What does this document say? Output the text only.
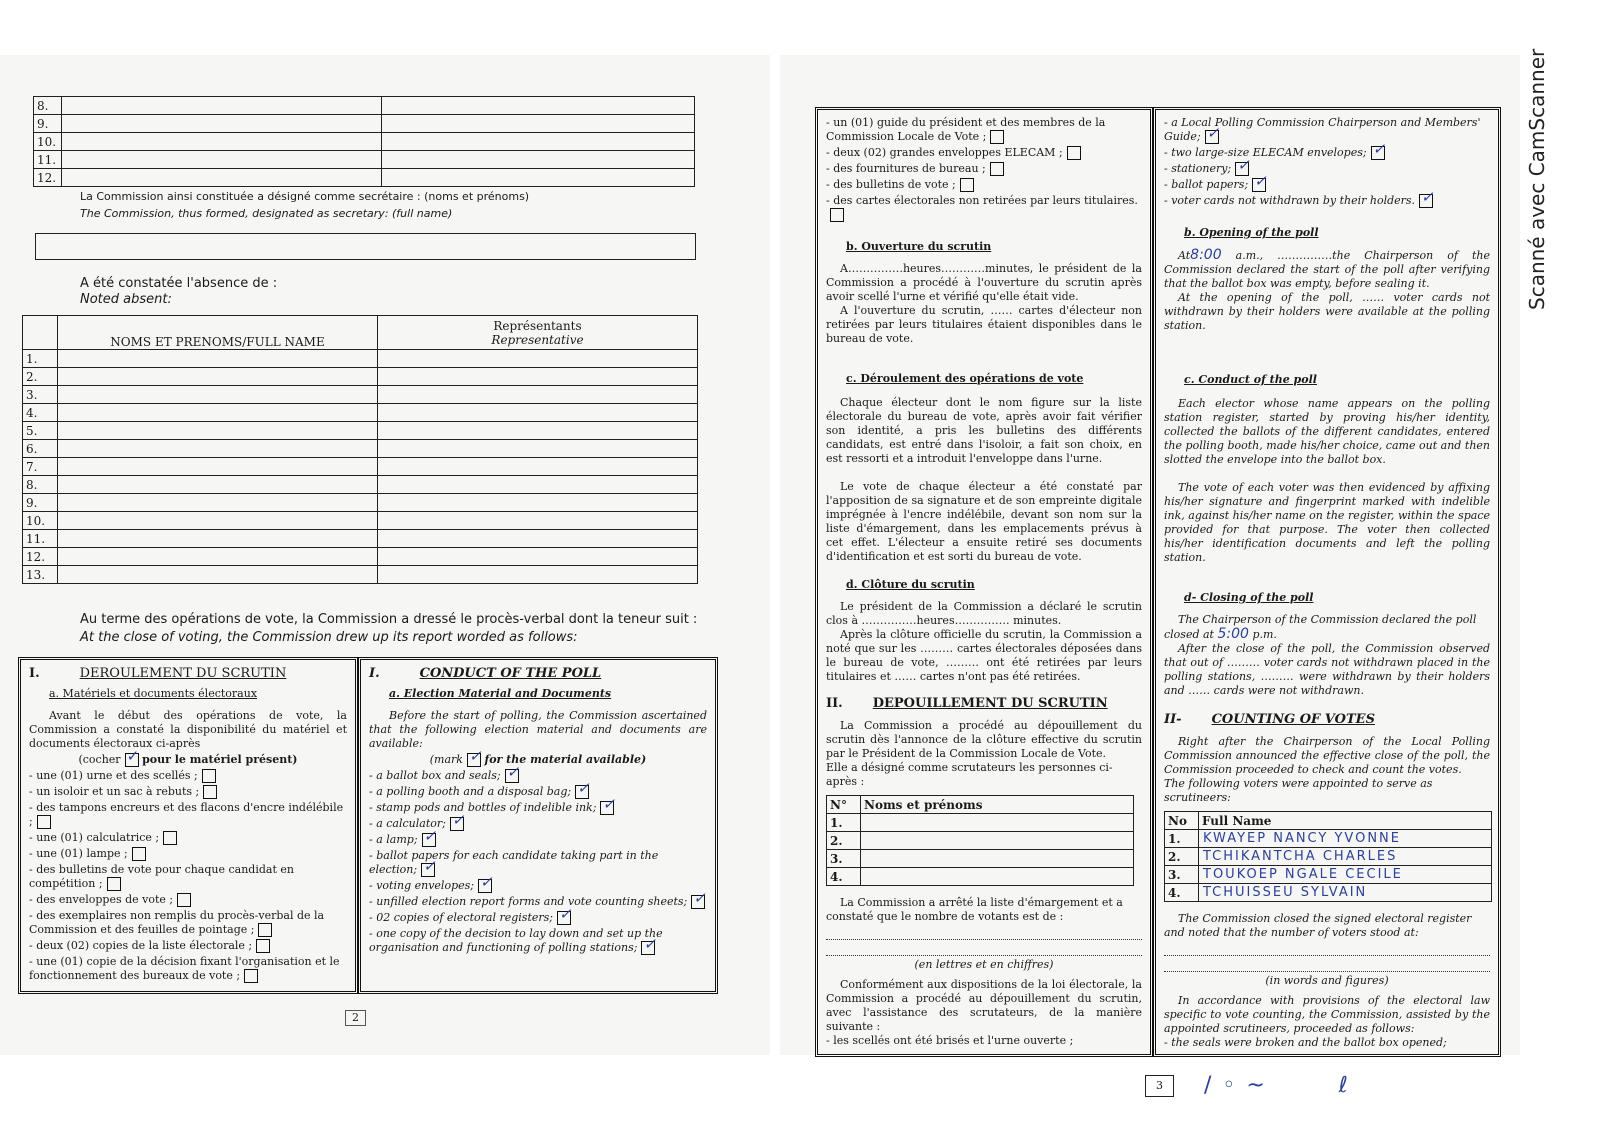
Scanné avec CamScanner
8.		
9.		
10.		
11.		
12.		
La Commission ainsi constituée a désigné comme secrétaire : (noms et prénoms)
The Commission, thus formed, designated as secretary: (full name)
A été constatée l'absence de :
Noted absent:
	NOMS ET PRENOMS/FULL NAME	Représentants
Representative

1.		
2.		
3.		
4.		
5.		
6.		
7.		
8.		
9.		
10.		
11.		
12.		
13.		
Au terme des opérations de vote, la Commission a dressé le procès-verbal dont la teneur suit :
At the close of voting, the Commission drew up its report worded as follows:
I.	DEROULEMENT DU SCRUTIN
a. Matériels et documents électoraux
Avant le début des opérations de vote, la Commission a constaté la disponibilité du matériel et documents électoraux ci-après
(cocher ✓ pour le matériel présent)
- une (01) urne et des scellés ;
- un isoloir et un sac à rebuts ;
- des tampons encreurs et des flacons d'encre indélébile ;
- une (01) calculatrice ;
- une (01) lampe ;
- des bulletins de vote pour chaque candidat en compétition ;
- des enveloppes de vote ;
- des exemplaires non remplis du procès-verbal de la Commission et des feuilles de pointage ;
- deux (02) copies de la liste électorale ;
- une (01) copie de la décision fixant l'organisation et le fonctionnement des bureaux de vote ;
I.	CONDUCT OF THE POLL
a. Election Material and Documents
Before the start of polling, the Commission ascertained that the following election material and documents are available:
(mark ✓ for the material available)
- a ballot box and seals;✓
- a polling booth and a disposal bag;✓
- stamp pods and bottles of indelible ink;✓
- a calculator;✓
- a lamp;✓
- ballot papers for each candidate taking part in the election;✓
- voting envelopes;✓
- unfilled election report forms and vote counting sheets;✓
- 02 copies of electoral registers;✓
- one copy of the decision to lay down and set up the organisation and functioning of polling stations;✓
2
- un (01) guide du président et des membres de la Commission Locale de Vote ;
- deux (02) grandes enveloppes ELECAM ;
- des fournitures de bureau ;
- des bulletins de vote ;
- des cartes électorales non retirées par leurs titulaires.
b. Ouverture du scrutin
A……………heures…………minutes, le président de la Commission a procédé à l'ouverture du scrutin après avoir scellé l'urne et vérifié qu'elle était vide.
A l'ouverture du scrutin, …… cartes d'électeur non retirées par leurs titulaires étaient disponibles dans le bureau de vote.
c. Déroulement des opérations de vote
Chaque électeur dont le nom figure sur la liste électorale du bureau de vote, après avoir fait vérifier son identité, a pris les bulletins des différents candidats, est entré dans l'isoloir, a fait son choix, en est ressorti et a introduit l'enveloppe dans l'urne.
Le vote de chaque électeur a été constaté par l'apposition de sa signature et de son empreinte digitale imprégnée à l'encre indélébile, devant son nom sur la liste d'émargement, dans les emplacements prévus à cet effet. L'électeur a ensuite retiré ses documents d'identification et est sorti du bureau de vote.
d. Clôture du scrutin
Le président de la Commission a déclaré le scrutin clos à ……………heures…………… minutes.
Après la clôture officielle du scrutin, la Commission a noté que sur les ……… cartes électorales déposées dans le bureau de vote, ……… ont été retirées par leurs titulaires et …… cartes n'ont pas été retirées.
II. DEPOUILLEMENT DU SCRUTIN
La Commission a procédé au dépouillement du scrutin dès l'annonce de la clôture effective du scrutin par le Président de la Commission Locale de Vote.
Elle a désigné comme scrutateurs les personnes ci-après :
N°	Noms et prénoms
1.	
2.	
3.	
4.	
La Commission a arrêté la liste d'émargement et a constaté que le nombre de votants est de :
(en lettres et en chiffres)
Conformément aux dispositions de la loi électorale, la Commission a procédé au dépouillement du scrutin, avec l'assistance des scrutateurs, de la manière suivante :
- les scellés ont été brisés et l'urne ouverte ;
- a Local Polling Commission Chairperson and Members' Guide;✓
- two large-size ELECAM envelopes;✓
- stationery;✓
- ballot papers;✓
- voter cards not withdrawn by their holders.✓
b. Opening of the poll
At8:00 a.m., ……………the Chairperson of the Commission declared the start of the poll after verifying that the ballot box was empty, before sealing it.
At the opening of the poll, …… voter cards not withdrawn by their holders were available at the polling station.
c. Conduct of the poll
Each elector whose name appears on the polling station register, started by proving his/her identity, collected the ballots of the different candidates, entered the polling booth, made his/her choice, came out and then slotted the envelope into the ballot box.
The vote of each voter was then evidenced by affixing his/her signature and fingerprint marked with indelible ink, against his/her name on the register, within the space provided for that purpose. The voter then collected his/her identification documents and left the polling station.
d- Closing of the poll
The Chairperson of the Commission declared the poll closed at 5:00 p.m.
After the close of the poll, the Commission observed that out of ……… voter cards not withdrawn placed in the polling stations, ……… were withdrawn by their holders and …… cards were not withdrawn.
II- COUNTING OF VOTES
Right after the Chairperson of the Local Polling Commission announced the effective close of the poll, the Commission proceeded to check and count the votes.
The following voters were appointed to serve as scrutineers:
No	Full Name
1.	KWAYEP NANCY YVONNE
2.	TCHIKANTCHA CHARLES
3.	TOUKOEP NGALE CECILE
4.	TCHUISSEU SYLVAIN
The Commission closed the signed electoral register and noted that the number of voters stood at:
(in words and figures)
In accordance with provisions of the electoral law specific to vote counting, the Commission, assisted by the appointed scrutineers, proceeded as follows:
- the seals were broken and the ballot box opened;
3	/ ◦ ~        ℓ
